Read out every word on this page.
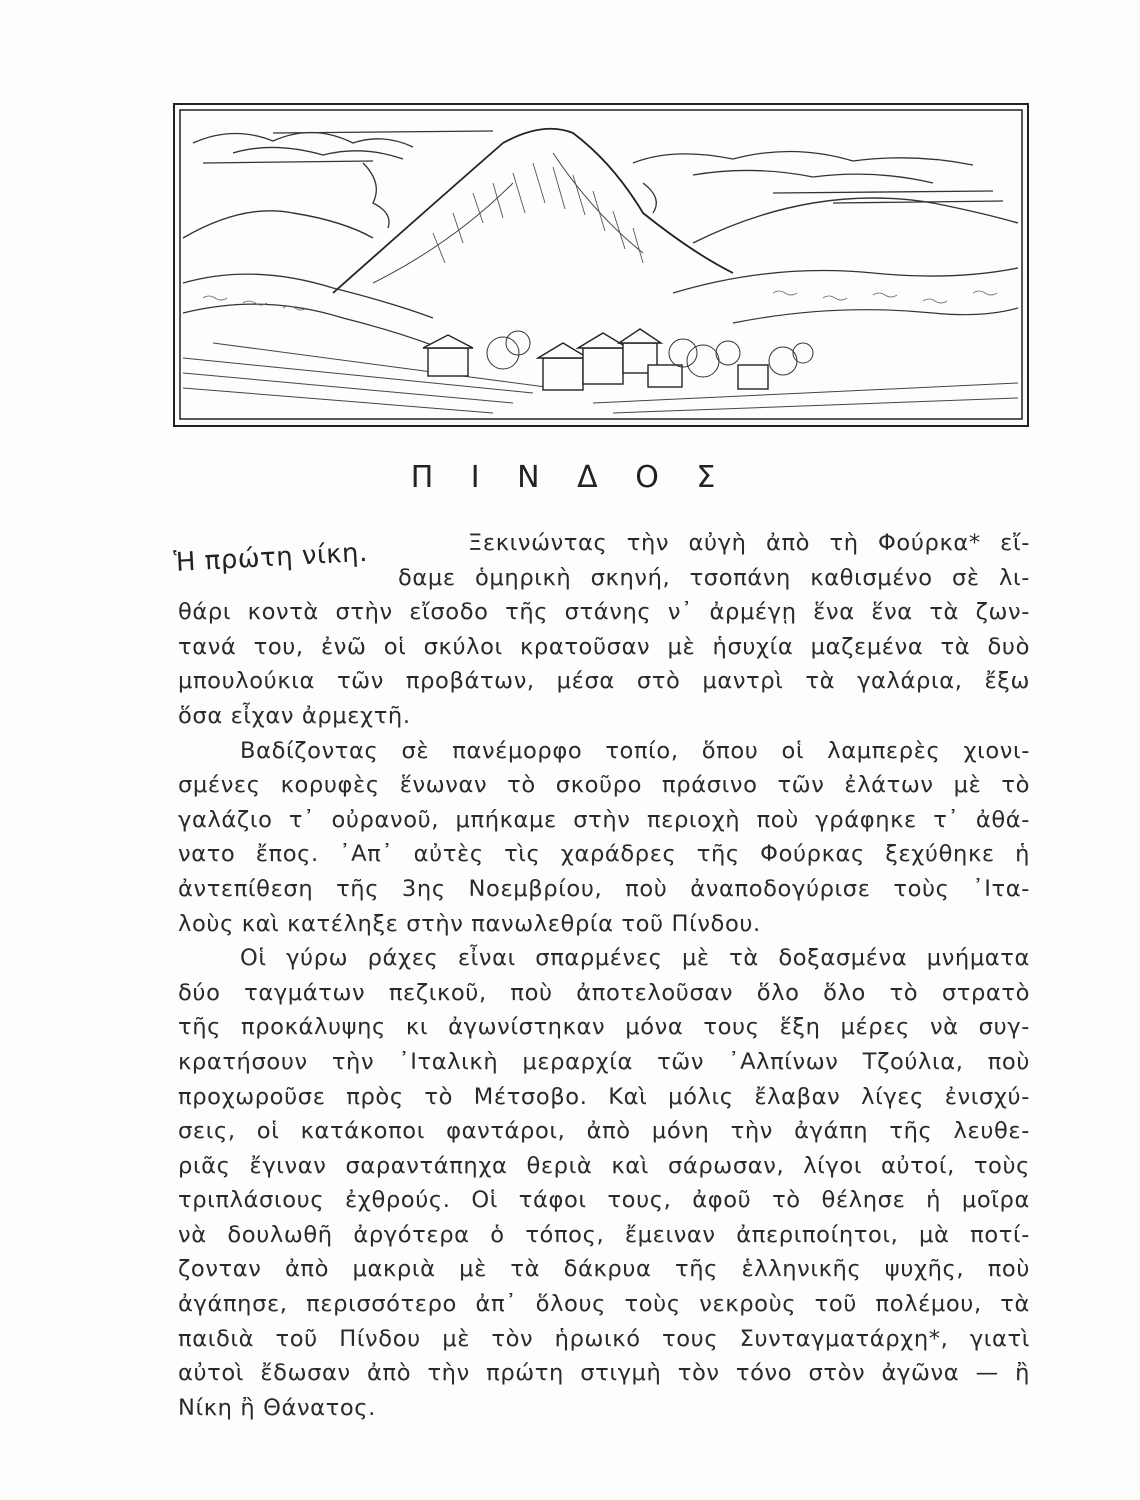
Π Ι Ν Δ Ο Σ
Ἡ πρώτη νίκη.	Ξεκινώντας τὴν αὐγὴ ἀπὸ τὴ Φούρκα* εἴ-
δαμε ὁμηρικὴ σκηνή, τσοπάνη καθισμένο σὲ λι-
θάρι κοντὰ στὴν εἴσοδο τῆς στάνης ν᾿ ἀρμέγῃ ἕνα ἕνα τὰ ζων-
τανά του, ἐνῶ οἱ σκύλοι κρατοῦσαν μὲ ἡσυχία μαζεμένα τὰ δυὸ
μπουλούκια τῶν προβάτων, μέσα στὸ μαντρὶ τὰ γαλάρια, ἔξω
ὅσα εἶχαν ἀρμεχτῆ.
Βαδίζοντας σὲ πανέμορφο τοπίο, ὅπου οἱ λαμπερὲς χιονι-
σμένες κορυφὲς ἕνωναν τὸ σκοῦρο πράσινο τῶν ἐλάτων μὲ τὸ
γαλάζιο τ᾿ οὐρανοῦ, μπήκαμε στὴν περιοχὴ ποὺ γράφηκε τ᾿ ἀθά-
νατο ἔπος. ᾿Απ᾿ αὐτὲς τὶς χαράδρες τῆς Φούρκας ξεχύθηκε ἡ
ἀντεπίθεση τῆς 3ης Νοεμβρίου, ποὺ ἀναποδογύρισε τοὺς ᾿Ιτα-
λοὺς καὶ κατέληξε στὴν πανωλεθρία τοῦ Πίνδου.
Οἱ γύρω ράχες εἶναι σπαρμένες μὲ τὰ δοξασμένα μνήματα
δύο ταγμάτων πεζικοῦ, ποὺ ἀποτελοῦσαν ὅλο ὅλο τὸ στρατὸ
τῆς προκάλυψης κι ἀγωνίστηκαν μόνα τους ἕξη μέρες νὰ συγ-
κρατήσουν τὴν ᾿Ιταλικὴ μεραρχία τῶν ᾿Αλπίνων Τζούλια, ποὺ
προχωροῦσε πρὸς τὸ Μέτσοβο. Καὶ μόλις ἔλαβαν λίγες ἐνισχύ-
σεις, οἱ κατάκοποι φαντάροι, ἀπὸ μόνη τὴν ἀγάπη τῆς λευθε-
ριᾶς ἔγιναν σαραντάπηχα θεριὰ καὶ σάρωσαν, λίγοι αὐτοί, τοὺς
τριπλάσιους ἐχθρούς. Οἱ τάφοι τους, ἀφοῦ τὸ θέλησε ἡ μοῖρα
νὰ δουλωθῆ ἀργότερα ὁ τόπος, ἔμειναν ἀπεριποίητοι, μὰ ποτί-
ζονταν ἀπὸ μακριὰ μὲ τὰ δάκρυα τῆς ἑλληνικῆς ψυχῆς, ποὺ
ἀγάπησε, περισσότερο ἀπ᾿ ὅλους τοὺς νεκροὺς τοῦ πολέμου, τὰ
παιδιὰ τοῦ Πίνδου μὲ τὸν ἡρωικό τους Συνταγματάρχη*, γιατὶ
αὐτοὶ ἔδωσαν ἀπὸ τὴν πρώτη στιγμὴ τὸν τόνο στὸν ἀγῶνα — ἢ
Νίκη ἢ Θάνατος.
